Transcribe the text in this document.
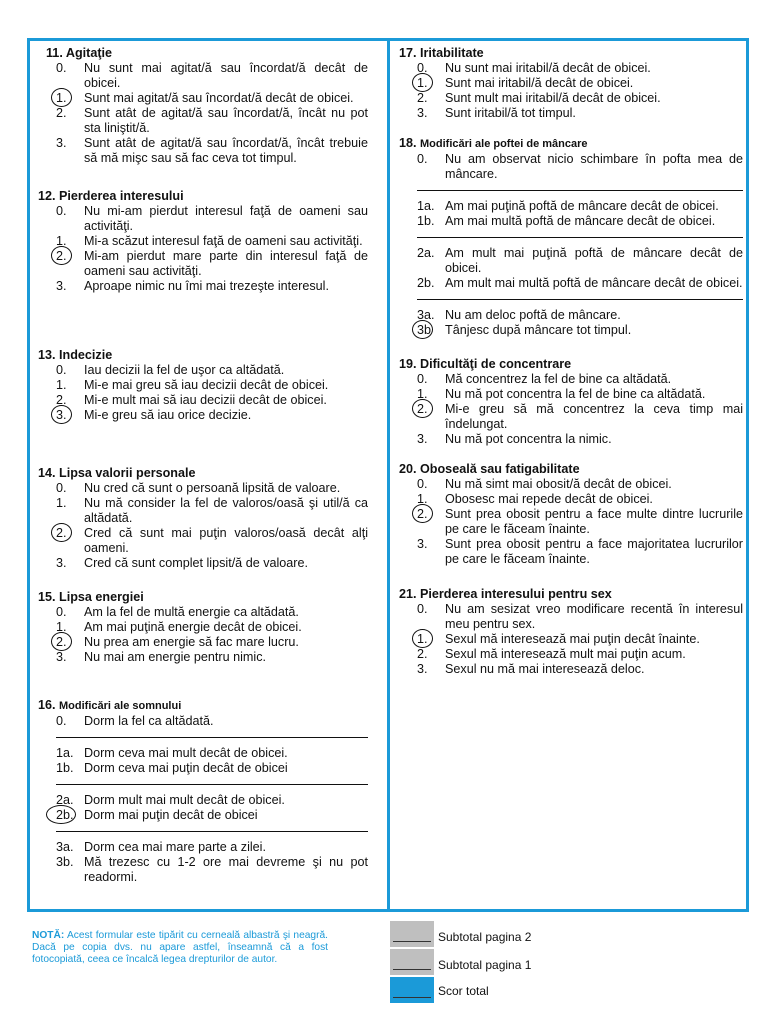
11. Agitaţie
0.	Nu sunt mai agitat/ă sau încordat/ă decât de obicei.
1.	Sunt mai agitat/ă sau încordat/ă decât de obicei.
2.	Sunt atât de agitat/ă sau încordat/ă, încât nu pot sta liniştit/ă.
3.	Sunt atât de agitat/ă sau încordat/ă, încât trebuie să mă mişc sau să fac ceva tot timpul.
12. Pierderea interesului
0.	Nu mi-am pierdut interesul faţă de oameni sau activităţi.
1.	Mi-a scăzut interesul faţă de oameni sau activităţi.
2.	Mi-am pierdut mare parte din interesul faţă de oameni sau activităţi.
3.	Aproape nimic nu îmi mai trezeşte interesul.
13. Indecizie
0.	Iau decizii la fel de uşor ca altădată.
1.	Mi-e mai greu să iau decizii decât de obicei.
2.	Mi-e mult mai să iau decizii decât de obicei.
3.	Mi-e greu să iau orice decizie.
14. Lipsa valorii personale
0.	Nu cred că sunt o persoană lipsită de valoare.
1.	Nu mă consider la fel de valoros/oasă şi util/ă ca altădată.
2.	Cred că sunt mai puţin valoros/oasă decât alţi oameni.
3.	Cred că sunt complet lipsit/ă de valoare.
15. Lipsa energiei
0.	Am la fel de multă energie ca altădată.
1.	Am mai puţină energie decât de obicei.
2.	Nu prea am energie să fac mare lucru.
3.	Nu mai am energie pentru nimic.
16. Modificări ale somnului
0.	Dorm la fel ca altădată.
1a. Dorm ceva mai mult decât de obicei.
1b. Dorm ceva mai puţin decât de obicei
2a. Dorm mult mai mult decât de obicei.
2b. Dorm mai puţin decât de obicei
3a. Dorm cea mai mare parte a zilei.
3b. Mă trezesc cu 1-2 ore mai devreme şi nu pot readormi.
17. Iritabilitate
0.	Nu sunt mai iritabil/ă decât de obicei.
1.	Sunt mai iritabil/ă decât de obicei.
2.	Sunt mult mai iritabil/ă decât de obicei.
3.	Sunt iritabil/ă tot timpul.
18. Modificări ale poftei de mâncare
0.	Nu am observat nicio schimbare în pofta mea de mâncare.
1a. Am mai puţină poftă de mâncare decât de obicei.
1b. Am mai multă poftă de mâncare decât de obicei.
2a. Am mult mai puţină poftă de mâncare decât de obicei.
2b. Am mult mai multă poftă de mâncare decât de obicei.
3a. Nu am deloc poftă de mâncare.
3b	Tânjesc după mâncare tot timpul.
19. Dificultăţi de concentrare
0.	Mă concentrez la fel de bine ca altădată.
1.	Nu mă pot concentra la fel de bine ca altădată.
2.	Mi-e greu să mă concentrez la ceva timp mai îndelungat.
3.	Nu mă pot concentra la nimic.
20. Oboseală sau fatigabilitate
0.	Nu mă simt mai obosit/ă decât de obicei.
1.	Obosesc mai repede decât de obicei.
2.	Sunt prea obosit pentru a face multe dintre lucrurile pe care le făceam înainte.
3.	Sunt prea obosit pentru a face majoritatea lucrurilor pe care le făceam înainte.
21. Pierderea interesului pentru sex
0.	Nu am sesizat vreo modificare recentă în interesul meu pentru sex.
1.	Sexul mă interesează mai puţin decât înainte.
2.	Sexul mă interesează mult mai puţin acum.
3.	Sexul nu mă mai interesează deloc.
NOTĂ: Acest formular este tipărit cu cerneală albastră şi neagră. Dacă pe copia dvs. nu apare astfel, înseamnă că a fost fotocopiată, ceea ce încalcă legea drepturilor de autor.
Subtotal pagina 2
Subtotal pagina 1
Scor total
